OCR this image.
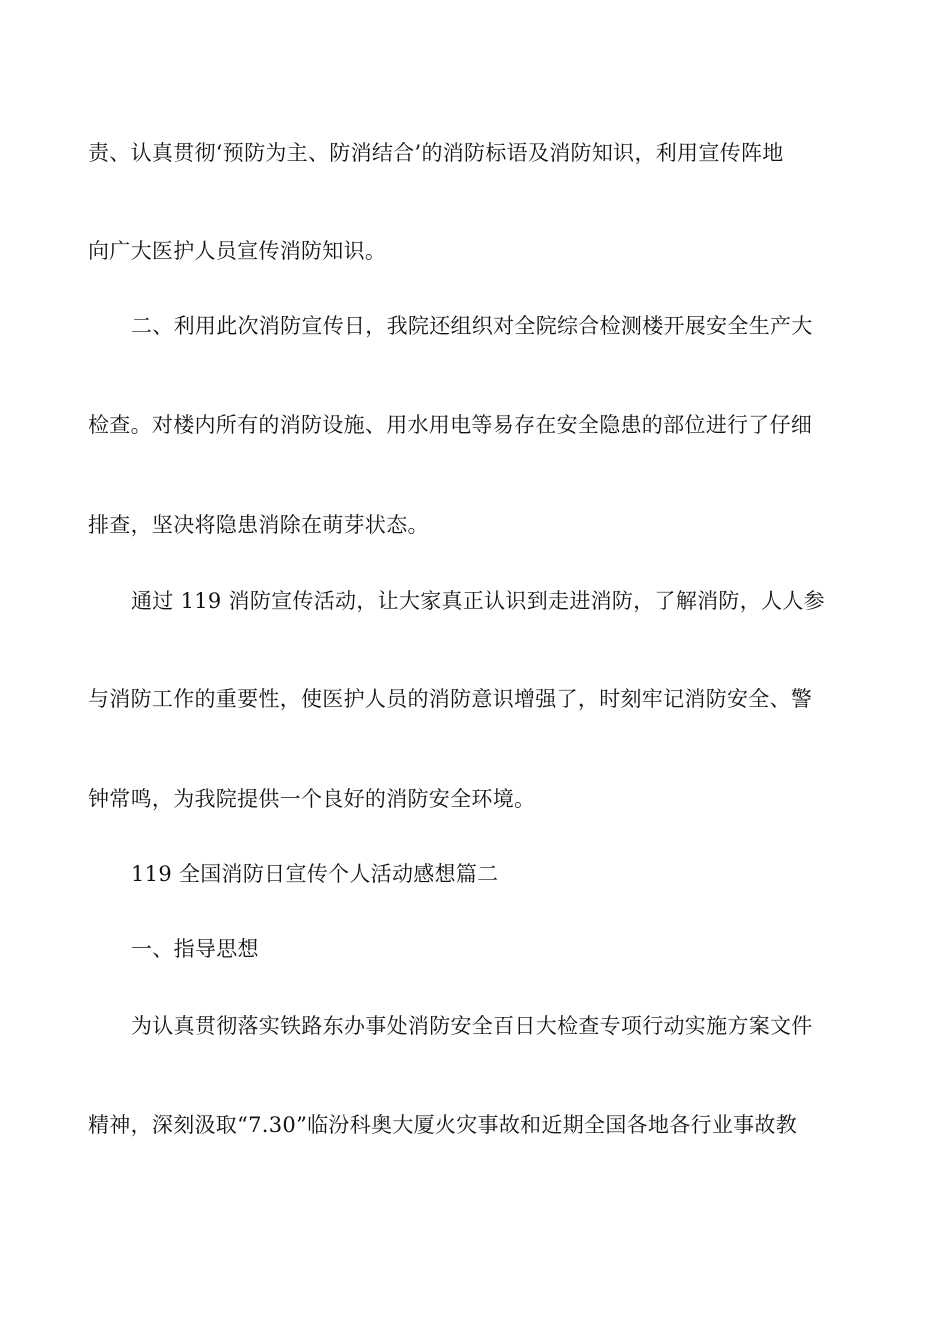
责、认真贯彻‘预防为主、防消结合’的消防标语及消防知识，利用宣传阵地
向广大医护人员宣传消防知识。
二、利用此次消防宣传日，我院还组织对全院综合检测楼开展安全生产大
检查。对楼内所有的消防设施、用水用电等易存在安全隐患的部位进行了仔细
排查，坚决将隐患消除在萌芽状态。
通过 119 消防宣传活动，让大家真正认识到走进消防，了解消防，人人参
与消防工作的重要性，使医护人员的消防意识增强了，时刻牢记消防安全、警
钟常鸣，为我院提供一个良好的消防安全环境。
119 全国消防日宣传个人活动感想篇二
一、指导思想
为认真贯彻落实铁路东办事处消防安全百日大检查专项行动实施方案文件
精神，深刻汲取“7.30”临汾科奥大厦火灾事故和近期全国各地各行业事故教
